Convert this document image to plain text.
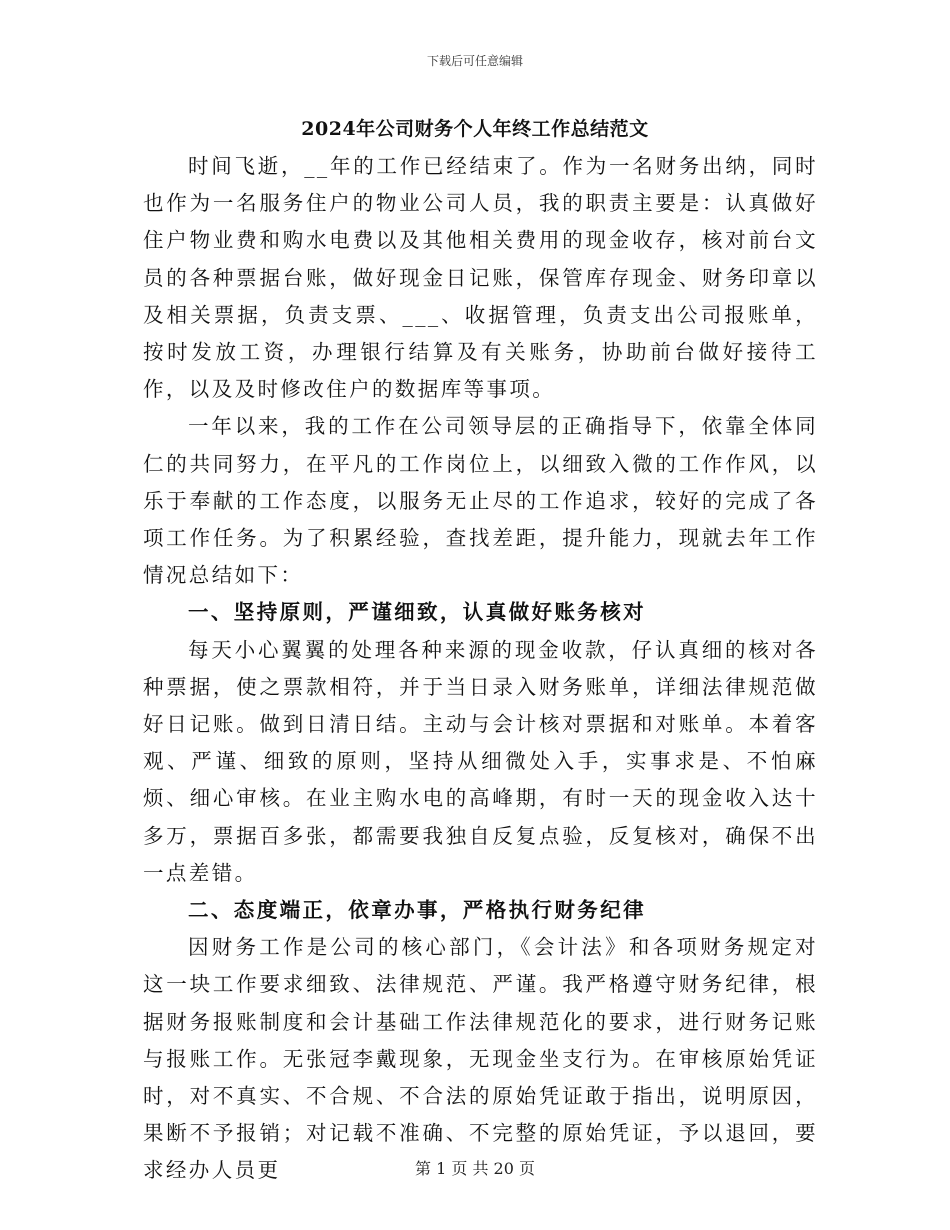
下载后可任意编辑
2024年公司财务个人年终工作总结范文

时间飞逝，__年的工作已经结束了。作为一名财务出纳，同时也作为一名服务住户的物业公司人员，我的职责主要是：认真做好住户物业费和购水电费以及其他相关费用的现金收存，核对前台文员的各种票据台账，做好现金日记账，保管库存现金、财务印章以及相关票据，负责支票、___、收据管理，负责支出公司报账单，按时发放工资，办理银行结算及有关账务，协助前台做好接待工作，以及及时修改住户的数据库等事项。

一年以来，我的工作在公司领导层的正确指导下，依靠全体同仁的共同努力，在平凡的工作岗位上，以细致入微的工作作风，以乐于奉献的工作态度，以服务无止尽的工作追求，较好的完成了各项工作任务。为了积累经验，查找差距，提升能力，现就去年工作情况总结如下：

一、坚持原则，严谨细致，认真做好账务核对

每天小心翼翼的处理各种来源的现金收款，仔认真细的核对各种票据，使之票款相符，并于当日录入财务账单，详细法律规范做好日记账。做到日清日结。主动与会计核对票据和对账单。本着客观、严谨、细致的原则，坚持从细微处入手，实事求是、不怕麻烦、细心审核。在业主购水电的高峰期，有时一天的现金收入达十多万，票据百多张，都需要我独自反复点验，反复核对，确保不出一点差错。

二、态度端正，依章办事，严格执行财务纪律

因财务工作是公司的核心部门，《会计法》和各项财务规定对这一块工作要求细致、法律规范、严谨。我严格遵守财务纪律，根据财务报账制度和会计基础工作法律规范化的要求，进行财务记账与报账工作。无张冠李戴现象，无现金坐支行为。在审核原始凭证时，对不真实、不合规、不合法的原始凭证敢于指出，说明原因，果断不予报销；对记载不准确、不完整的原始凭证，予以退回，要求经办人员更	第 1 页 共 20 页
